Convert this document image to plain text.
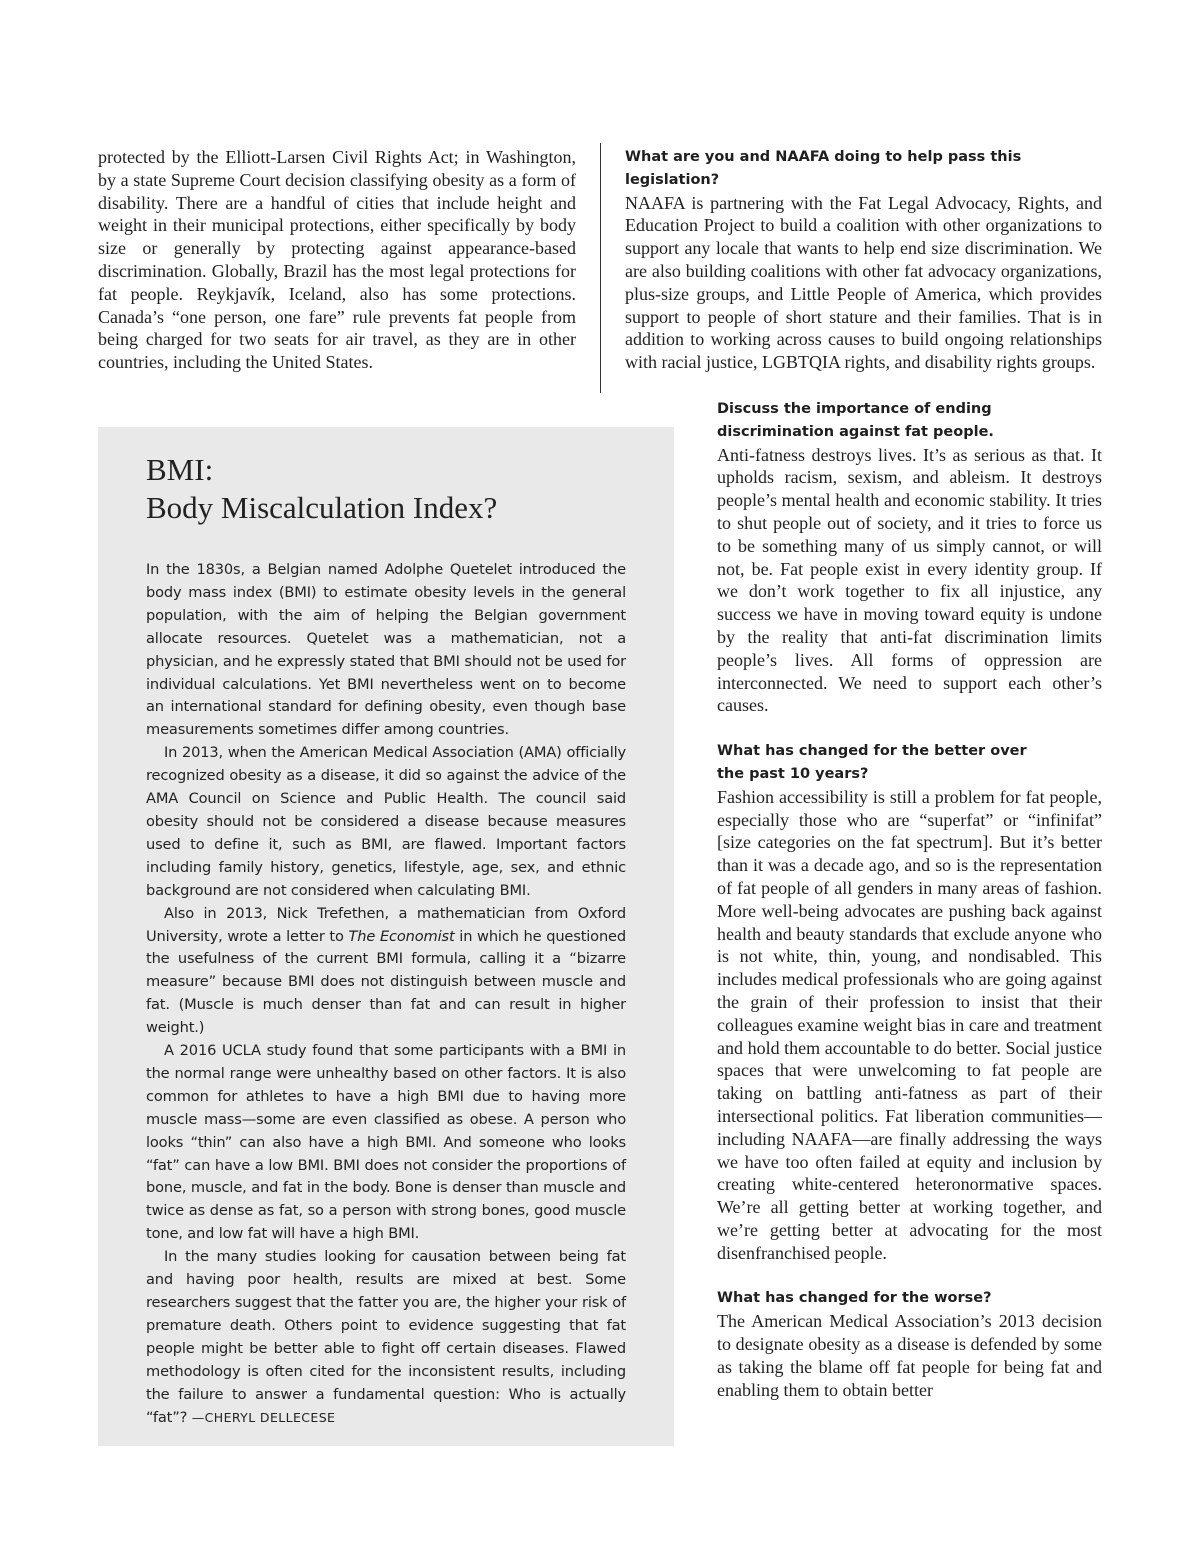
protected by the Elliott-Larsen Civil Rights Act; in Washington, by a state Supreme Court decision classifying obesity as a form of disability. There are a handful of cities that include height and weight in their municipal protections, either specifically by body size or generally by protecting against appearance-based discrimination. Globally, Brazil has the most legal protections for fat people. Reykjavík, Iceland, also has some protections. Canada’s “one person, one fare” rule prevents fat people from being charged for two seats for air travel, as they are in other countries, including the United States.

What are you and NAAFA doing to help pass this legislation?

NAAFA is partnering with the Fat Legal Advocacy, Rights, and Education Project to build a coalition with other organizations to support any locale that wants to help end size discrimination. We are also building coalitions with other fat advocacy organizations, plus-size groups, and Little People of America, which provides support to people of short stature and their families. That is in addition to working across causes to build ongoing relationships with racial justice, LGBTQIA rights, and disability rights groups.

BMI:
Body Miscalculation Index?

In the 1830s, a Belgian named Adolphe Quetelet introduced the body mass index (BMI) to estimate obesity levels in the general population, with the aim of helping the Belgian government allocate resources. Quetelet was a mathematician, not a physician, and he expressly stated that BMI should not be used for individual calculations. Yet BMI nevertheless went on to become an international standard for defining obesity, even though base measurements sometimes differ among countries.

In 2013, when the American Medical Association (AMA) officially recognized obesity as a disease, it did so against the advice of the AMA Council on Science and Public Health. The council said obesity should not be considered a disease because measures used to define it, such as BMI, are flawed. Important factors including family history, genetics, lifestyle, age, sex, and ethnic background are not considered when calculating BMI.

Also in 2013, Nick Trefethen, a mathematician from Oxford University, wrote a letter to The Economist in which he questioned the usefulness of the current BMI formula, calling it a “bizarre measure” because BMI does not distinguish between muscle and fat. (Muscle is much denser than fat and can result in higher weight.)

A 2016 UCLA study found that some participants with a BMI in the normal range were unhealthy based on other factors. It is also common for athletes to have a high BMI due to having more muscle mass—some are even classified as obese. A person who looks “thin” can also have a high BMI. And someone who looks “fat” can have a low BMI. BMI does not consider the proportions of bone, muscle, and fat in the body. Bone is denser than muscle and twice as dense as fat, so a person with strong bones, good muscle tone, and low fat will have a high BMI.

In the many studies looking for causation between being fat and having poor health, results are mixed at best. Some researchers suggest that the fatter you are, the higher your risk of premature death. Others point to evidence suggesting that fat people might be better able to fight off certain diseases. Flawed methodology is often cited for the inconsistent results, including the failure to answer a fundamental question: Who is actually “fat”? —CHERYL DELLECESE

Discuss the importance of ending
discrimination against fat people.

Anti-fatness destroys lives. It’s as serious as that. It upholds racism, sexism, and ableism. It destroys people’s mental health and economic stability. It tries to shut people out of society, and it tries to force us to be something many of us simply cannot, or will not, be. Fat people exist in every identity group. If we don’t work together to fix all injustice, any success we have in moving toward equity is undone by the reality that anti-fat discrimination limits people’s lives. All forms of oppression are interconnected. We need to support each other’s causes.

What has changed for the better over
the past 10 years?

Fashion accessibility is still a problem for fat people, especially those who are “superfat” or “infinifat” [size categories on the fat spectrum]. But it’s better than it was a decade ago, and so is the representation of fat people of all genders in many areas of fashion. More well-being advocates are pushing back against health and beauty standards that exclude anyone who is not white, thin, young, and nondisabled. This includes medical professionals who are going against the grain of their profession to insist that their colleagues examine weight bias in care and treatment and hold them accountable to do better. Social justice spaces that were unwelcoming to fat people are taking on battling anti-fatness as part of their intersectional politics. Fat liberation communities—including NAAFA—are finally addressing the ways we have too often failed at equity and inclusion by creating white-centered heteronormative spaces. We’re all getting better at working together, and we’re getting better at advocating for the most disenfranchised people.

What has changed for the worse?

The American Medical Association’s 2013 decision to designate obesity as a disease is defended by some as taking the blame off fat people for being fat and enabling them to obtain better
